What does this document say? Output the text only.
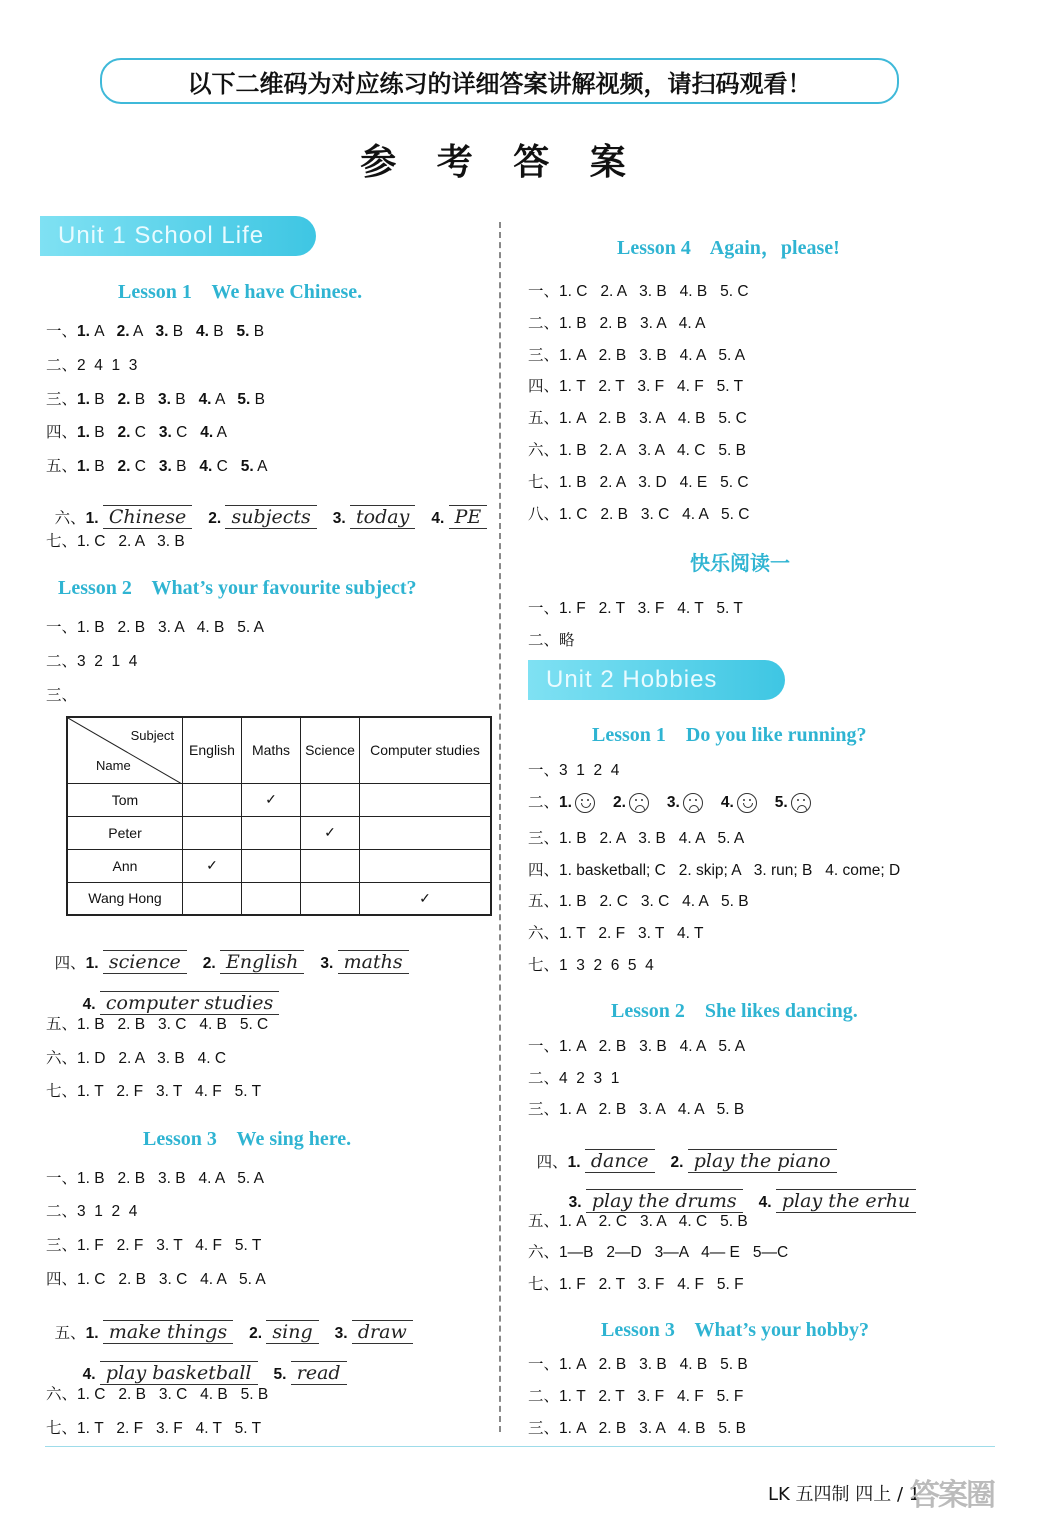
以下二维码为对应练习的详细答案讲解视频，请扫码观看！
参 考 答 案
Unit 1 School Life
Lesson 1    We have Chinese.
一、1. A   2. A   3. B   4. B   5. B
二、2  4  1  3
三、1. B   2. B   3. B   4. A   5. B
四、1. B   2. C   3. C   4. A
五、1. B   2. C   3. B   4. C   5. A

六、1. Chinese 2. subjects 3. today 4. PE

七、1. C   2. A   3. B
Lesson 2    What’s your favourite subject?
一、1. B   2. B   3. A   4. B   5. A
二、3  2  1  4
三、
Subject
Name	English	Maths	Science	Computer studies
Tom		✓		
Peter			✓	
Ann	✓			
Wang Hong				✓

四、1. science 2. English 3. maths

4. computer studies

五、1. B   2. B   3. C   4. B   5. C
六、1. D   2. A   3. B   4. C
七、1. T   2. F   3. T   4. F   5. T
Lesson 3    We sing here.
一、1. B   2. B   3. B   4. A   5. A
二、3  1  2  4
三、1. F   2. F   3. T   4. F   5. T
四、1. C   2. B   3. C   4. A   5. A

五、1. make things 2. sing 3. draw

4. play basketball 5. read

六、1. C   2. B   3. C   4. B   5. B
七、1. T   2. F   3. F   4. T   5. T
Lesson 4    Again，please!
一、1. C   2. A   3. B   4. B   5. C
二、1. B   2. B   3. A   4. A
三、1. A   2. B   3. B   4. A   5. A
四、1. T   2. T   3. F   4. F   5. T
五、1. A   2. B   3. A   4. B   5. C
六、1. B   2. A   3. A   4. C   5. B
七、1. B   2. A   3. D   4. E   5. C
八、1. C   2. B   3. C   4. A   5. C
快乐阅读一
一、1. F   2. T   3. F   4. T   5. T
二、略
Unit 2 Hobbies
Lesson 1    Do you like running?
一、3  1  2  4
二、1.	2.	3.	4.	5.
三、1. B   2. A   3. B   4. A   5. A
四、1. basketball; C   2. skip; A   3. run; B   4. come; D
五、1. B   2. C   3. C   4. A   5. B
六、1. T   2. F   3. T   4. T
七、1  3  2  6  5  4
Lesson 2    She likes dancing.
一、1. A   2. B   3. B   4. A   5. A
二、4  2  3  1
三、1. A   2. B   3. A   4. A   5. B

四、1. dance 2. play the piano

3. play the drums 4. play the erhu

五、1. A   2. C   3. A   4. C   5. B
六、1—B   2—D   3—A   4— E   5—C
七、1. F   2. T   3. F   4. F   5. F
Lesson 3    What’s your hobby?
一、1. A   2. B   3. B   4. B   5. B
二、1. T   2. T   3. F   4. F   5. F
三、1. A   2. B   3. A   4. B   5. B
LK 五四制 四上 / 1
答案圈
